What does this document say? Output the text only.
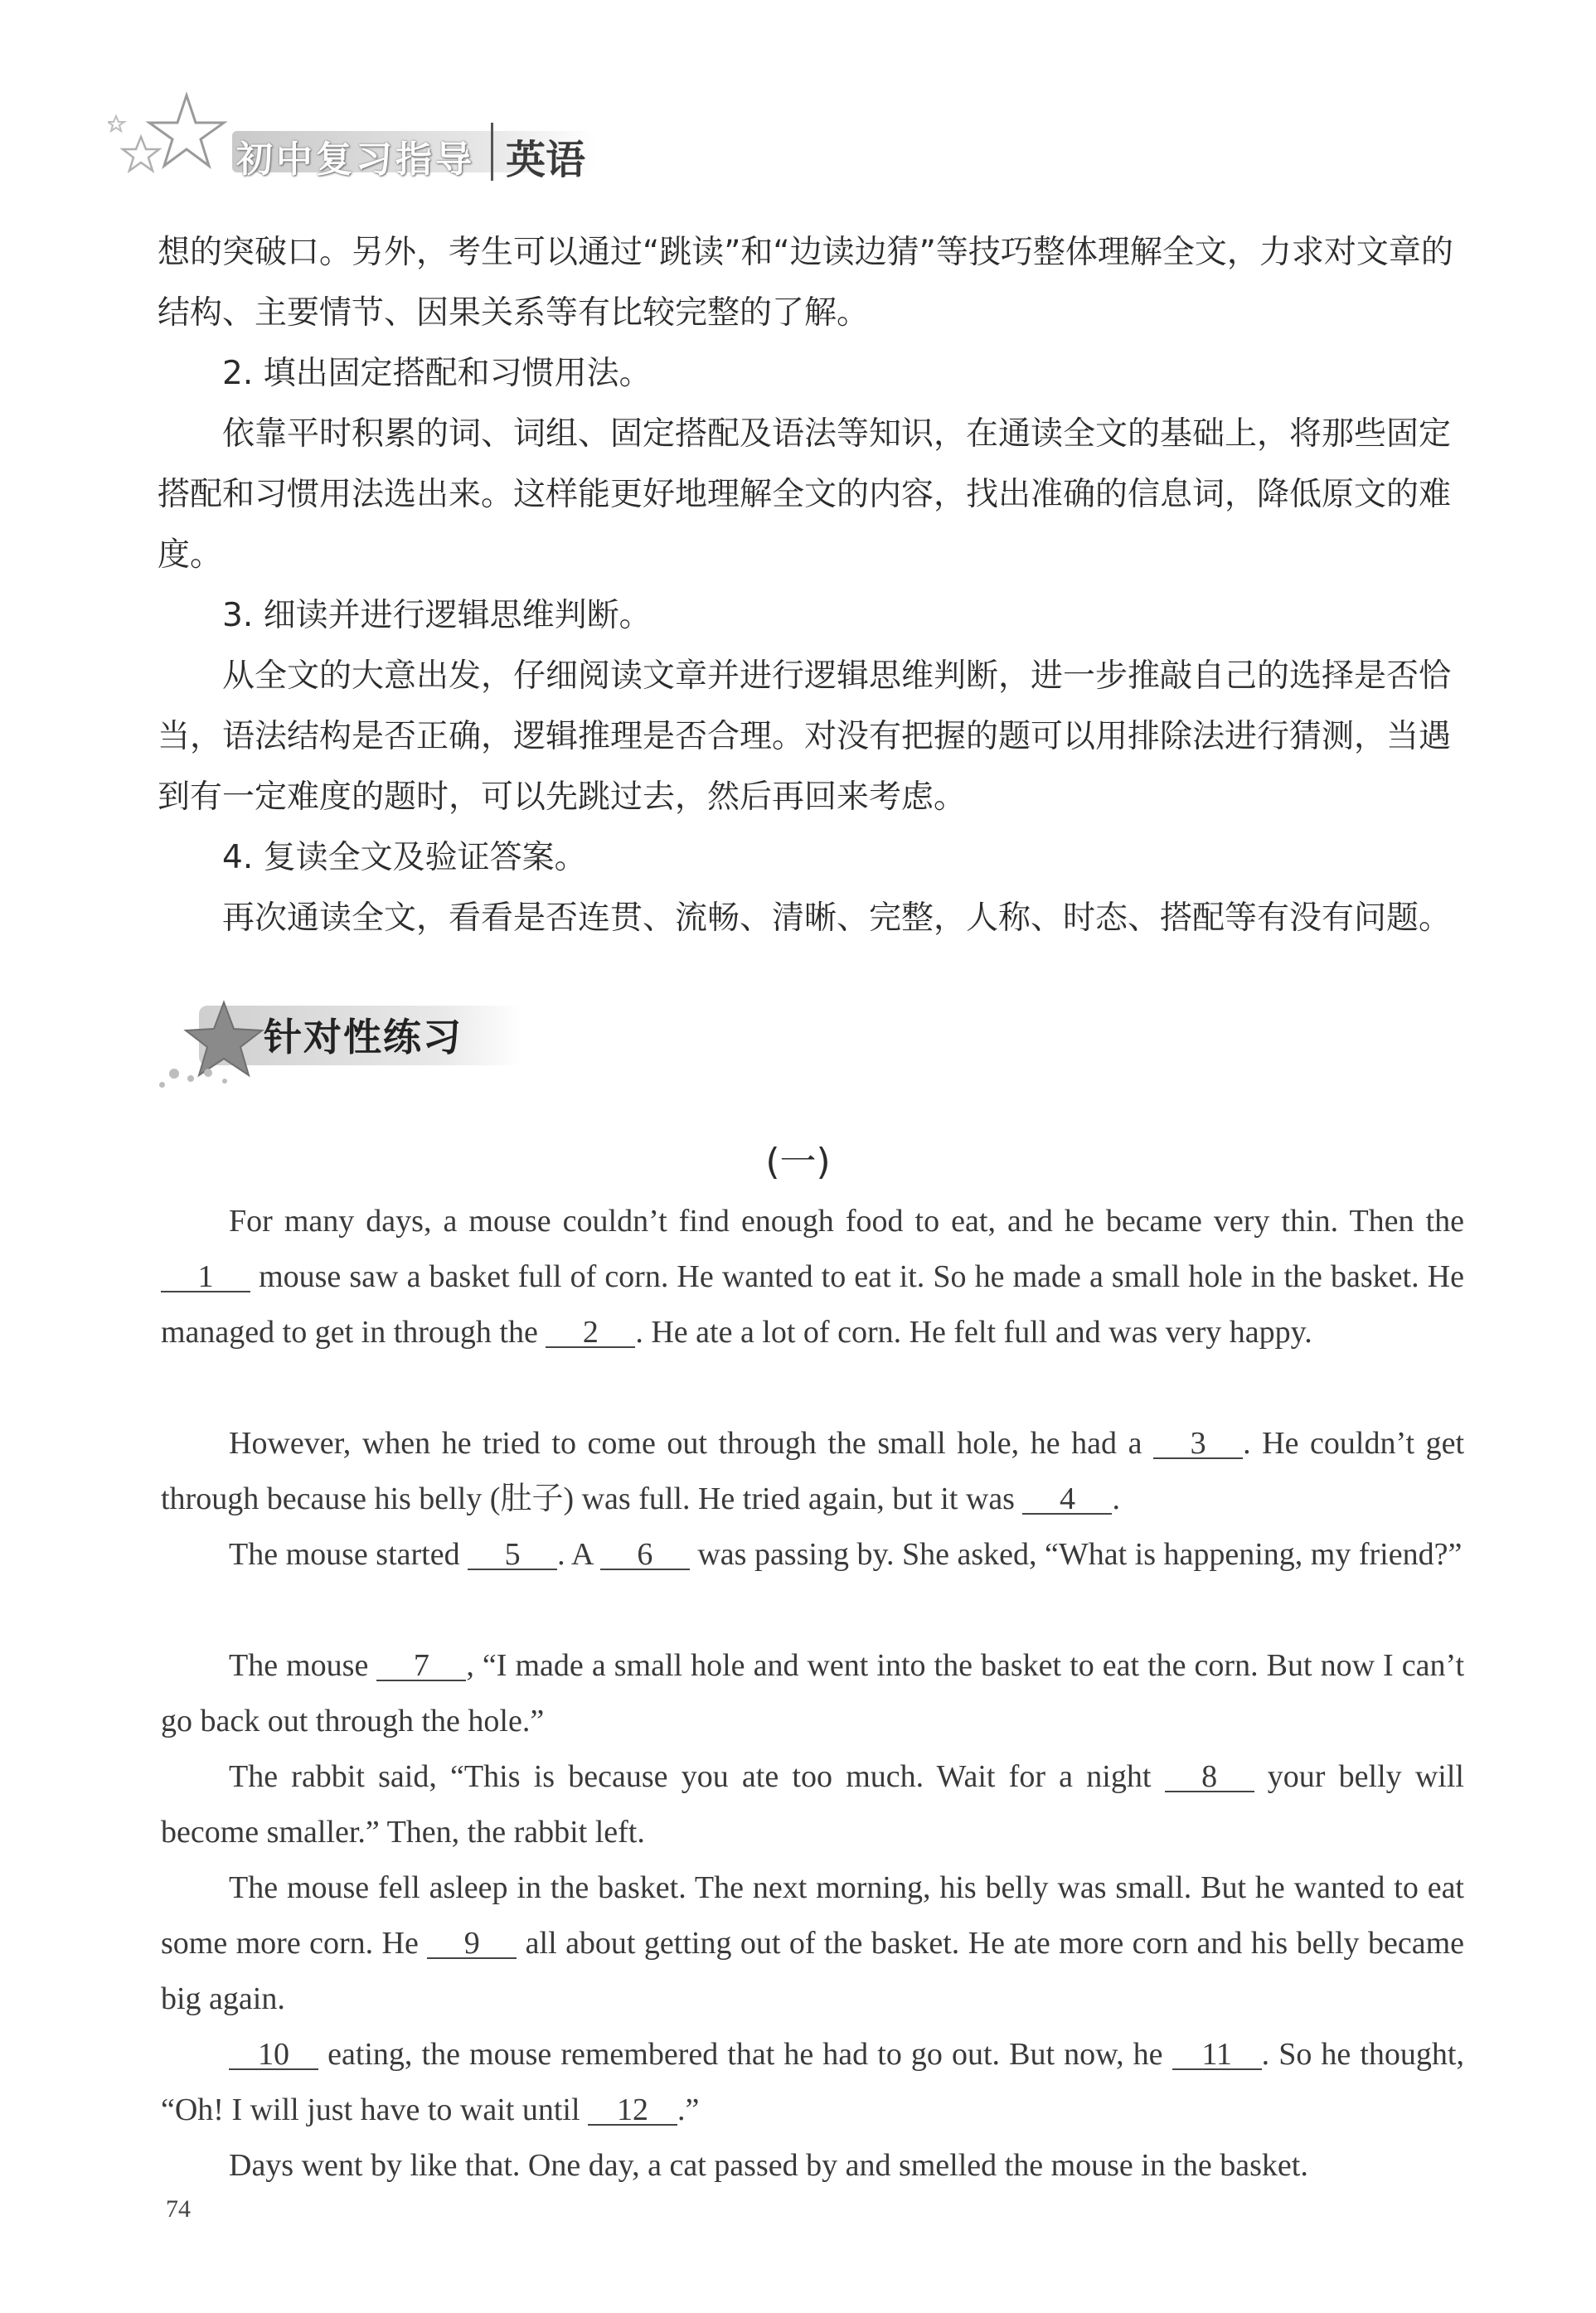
初中复习指导 英语

想的突破口。另外，考生可以通过“跳读”和“边读边猜”等技巧整体理解全文，力求对文章的结构、主要情节、因果关系等有比较完整的了解。

2. 填出固定搭配和习惯用法。

依靠平时积累的词、词组、固定搭配及语法等知识，在通读全文的基础上，将那些固定搭配和习惯用法选出来。这样能更好地理解全文的内容，找出准确的信息词，降低原文的难度。

3. 细读并进行逻辑思维判断。

从全文的大意出发，仔细阅读文章并进行逻辑思维判断，进一步推敲自己的选择是否恰当，语法结构是否正确，逻辑推理是否合理。对没有把握的题可以用排除法进行猜测，当遇到有一定难度的题时，可以先跳过去，然后再回来考虑。

4. 复读全文及验证答案。

再次通读全文，看看是否连贯、流畅、清晰、完整，人称、时态、搭配等有没有问题。

针对性练习

(一)

For many days, a mouse couldn’t find enough food to eat, and he became very thin. Then the 1 mouse saw a basket full of corn. He wanted to eat it. So he made a small hole in the basket. He managed to get in through the 2 . He ate a lot of corn. He felt full and was very happy.

However, when he tried to come out through the small hole, he had a 3 . He couldn’t get through because his belly (肚子) was full. He tried again, but it was 4 .

The mouse started 5 . A 6 was passing by. She asked, “What is happening, my friend?”

The mouse 7 , “I made a small hole and went into the basket to eat the corn. But now I can’t go back out through the hole.”

The rabbit said, “This is because you ate too much. Wait for a night 8 your belly will become smaller.” Then, the rabbit left.

The mouse fell asleep in the basket. The next morning, his belly was small. But he wanted to eat some more corn. He 9 all about getting out of the basket. He ate more corn and his belly became big again.

10 eating, the mouse remembered that he had to go out. But now, he 11 . So he thought, “Oh! I will just have to wait until 12 .”

Days went by like that. One day, a cat passed by and smelled the mouse in the basket.

74
